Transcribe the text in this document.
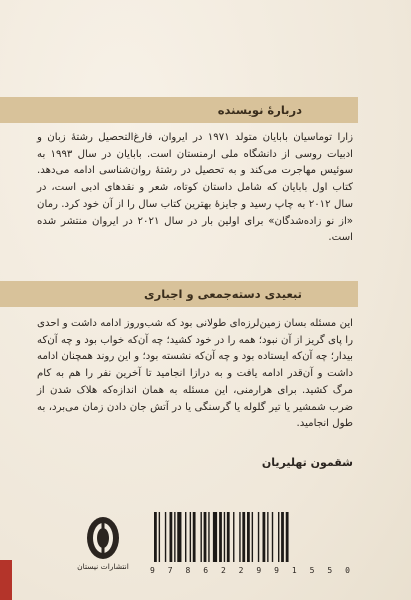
دربارهٔ نویسنده
زارا توماسیان بابایان متولد ۱۹۷۱ در ایروان، فارغ‌التحصیل رشتهٔ زبان و ادبیات روسی از دانشگاه ملی ارمنستان است. بابایان در سال ۱۹۹۳ به سوئیس مهاجرت می‌کند و به تحصیل در رشتهٔ روان‌شناسی ادامه می‌دهد. کتاب اول بابایان که شامل داستان کوتاه، شعر و نقدهای ادبی است، در سال ۲۰۱۲ به چاپ رسید و جایزهٔ بهترین کتاب سال را از آن خود کرد. رمان «از نو زاده‌شدگان» برای اولین بار در سال ۲۰۲۱ در ایروان منتشر شده است.
تبعیدی دسته‌جمعی و اجباری
این مسئله بسان زمین‌لرزه‌ای طولانی بود که شب‌وروز ادامه داشت و احدی را پای گریز از آن نبود؛ همه را در خود کشید؛ چه آن‌که خواب بود و چه آن‌که بیدار؛ چه آن‌که ایستاده بود و چه آن‌که نشسته بود؛ و این روند همچنان ادامه داشت و آن‌قدر ادامه یافت و به درازا انجامید تا آخرین نفر را هم به کام مرگ کشید. برای هرارمنی، این مسئله به همان اندازه‌که هلاک شدن از ضرب شمشیر یا تیر گلوله یا گرسنگی یا در آتش جان دادن زمان می‌برد، به طول انجامید.
شقمون تهلیریان
انتشارات نیستان	9 7 8 6 2 2 9 9 1 5 5 0
